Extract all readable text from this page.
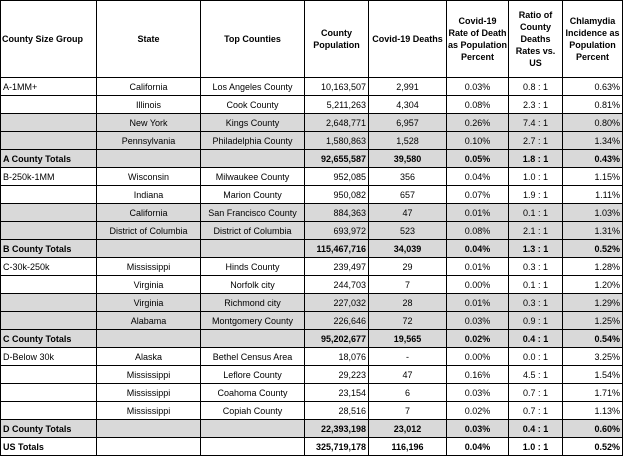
County Size Group	State	Top Counties	County Population	Covid-19 Deaths	Covid-19 Rate of Death as Population Percent	Ratio of County Deaths Rates vs. US	Chlamydia Incidence as Population Percent
A-1MM+	California	Los Angeles County	10,163,507	2,991	0.03%	0.8 : 1	0.63%
	Illinois	Cook County	5,211,263	4,304	0.08%	2.3 : 1	0.81%
	New York	Kings County	2,648,771	6,957	0.26%	7.4 : 1	0.80%
	Pennsylvania	Philadelphia County	1,580,863	1,528	0.10%	2.7 : 1	1.34%
A County Totals			92,655,587	39,580	0.05%	1.8 : 1	0.43%
B-250k-1MM	Wisconsin	Milwaukee County	952,085	356	0.04%	1.0 : 1	1.15%
	Indiana	Marion County	950,082	657	0.07%	1.9 : 1	1.11%
	California	San Francisco County	884,363	47	0.01%	0.1 : 1	1.03%
	District of Columbia	District of Columbia	693,972	523	0.08%	2.1 : 1	1.31%
B County Totals			115,467,716	34,039	0.04%	1.3 : 1	0.52%
C-30k-250k	Mississippi	Hinds County	239,497	29	0.01%	0.3 : 1	1.28%
	Virginia	Norfolk city	244,703	7	0.00%	0.1 : 1	1.20%
	Virginia	Richmond city	227,032	28	0.01%	0.3 : 1	1.29%
	Alabama	Montgomery County	226,646	72	0.03%	0.9 : 1	1.25%
C County Totals			95,202,677	19,565	0.02%	0.4 : 1	0.54%
D-Below 30k	Alaska	Bethel Census Area	18,076	-	0.00%	0.0 : 1	3.25%
	Mississippi	Leflore County	29,223	47	0.16%	4.5 : 1	1.54%
	Mississippi	Coahoma County	23,154	6	0.03%	0.7 : 1	1.71%
	Mississippi	Copiah County	28,516	7	0.02%	0.7 : 1	1.13%
D County Totals			22,393,198	23,012	0.03%	0.4 : 1	0.60%
US Totals			325,719,178	116,196	0.04%	1.0 : 1	0.52%
